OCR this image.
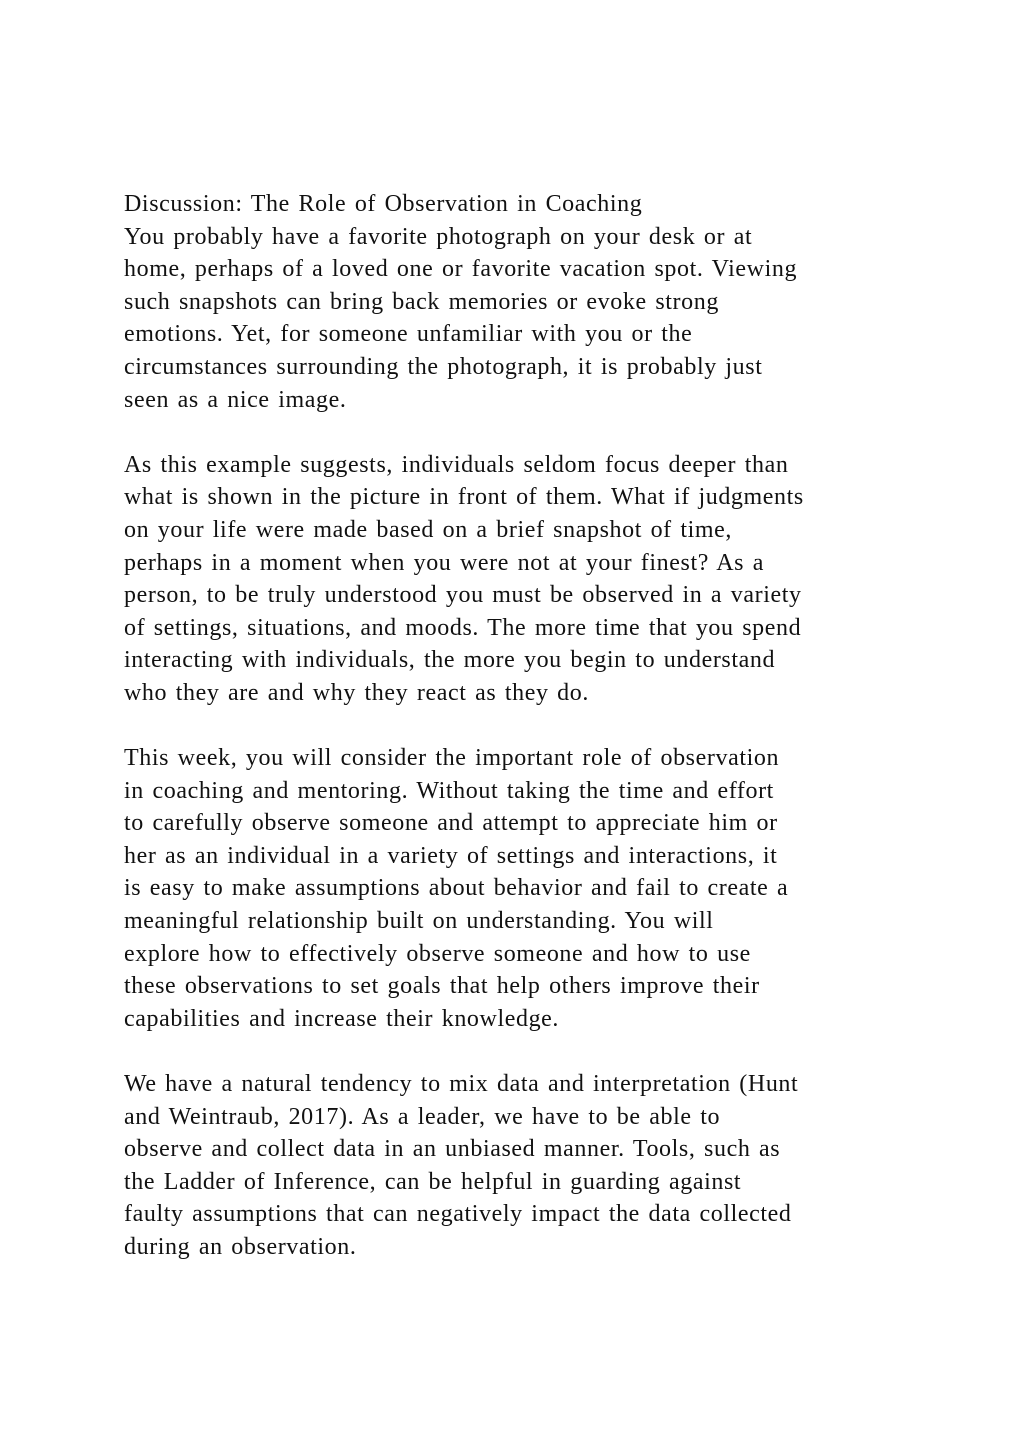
Discussion: The Role of Observation in Coaching
You probably have a favorite photograph on your desk or at
home, perhaps of a loved one or favorite vacation spot. Viewing
such snapshots can bring back memories or evoke strong
emotions. Yet, for someone unfamiliar with you or the
circumstances surrounding the photograph, it is probably just
seen as a nice image.
As this example suggests, individuals seldom focus deeper than
what is shown in the picture in front of them. What if judgments
on your life were made based on a brief snapshot of time,
perhaps in a moment when you were not at your finest? As a
person, to be truly understood you must be observed in a variety
of settings, situations, and moods. The more time that you spend
interacting with individuals, the more you begin to understand
who they are and why they react as they do.
This week, you will consider the important role of observation
in coaching and mentoring. Without taking the time and effort
to carefully observe someone and attempt to appreciate him or
her as an individual in a variety of settings and interactions, it
is easy to make assumptions about behavior and fail to create a
meaningful relationship built on understanding. You will
explore how to effectively observe someone and how to use
these observations to set goals that help others improve their
capabilities and increase their knowledge.
We have a natural tendency to mix data and interpretation (Hunt
and Weintraub, 2017). As a leader, we have to be able to
observe and collect data in an unbiased manner. Tools, such as
the Ladder of Inference, can be helpful in guarding against
faulty assumptions that can negatively impact the data collected
during an observation.
